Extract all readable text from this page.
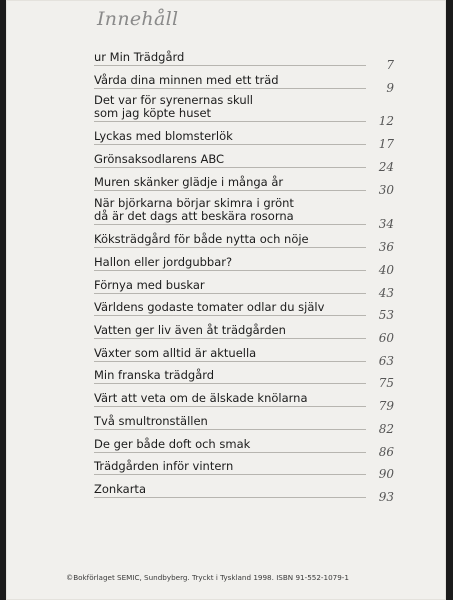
Innehåll
ur Min Trädgård
7
Vårda dina minnen med ett träd
9
Det var för syrenernas skull
som jag köpte huset
12
Lyckas med blomsterlök
17
Grönsaksodlarens ABC
24
Muren skänker glädje i många år
30
När björkarna börjar skimra i grönt
då är det dags att beskära rosorna
34
Köksträdgård för både nytta och nöje
36
Hallon eller jordgubbar?
40
Förnya med buskar
43
Världens godaste tomater odlar du själv
53
Vatten ger liv även åt trädgården
60
Växter som alltid är aktuella
63
Min franska trädgård
75
Värt att veta om de älskade knölarna
79
Två smultronställen
82
De ger både doft och smak
86
Trädgården inför vintern
90
Zonkarta
93
©Bokförlaget SEMIC, Sundbyberg. Tryckt i Tyskland 1998. ISBN 91-552-1079-1
